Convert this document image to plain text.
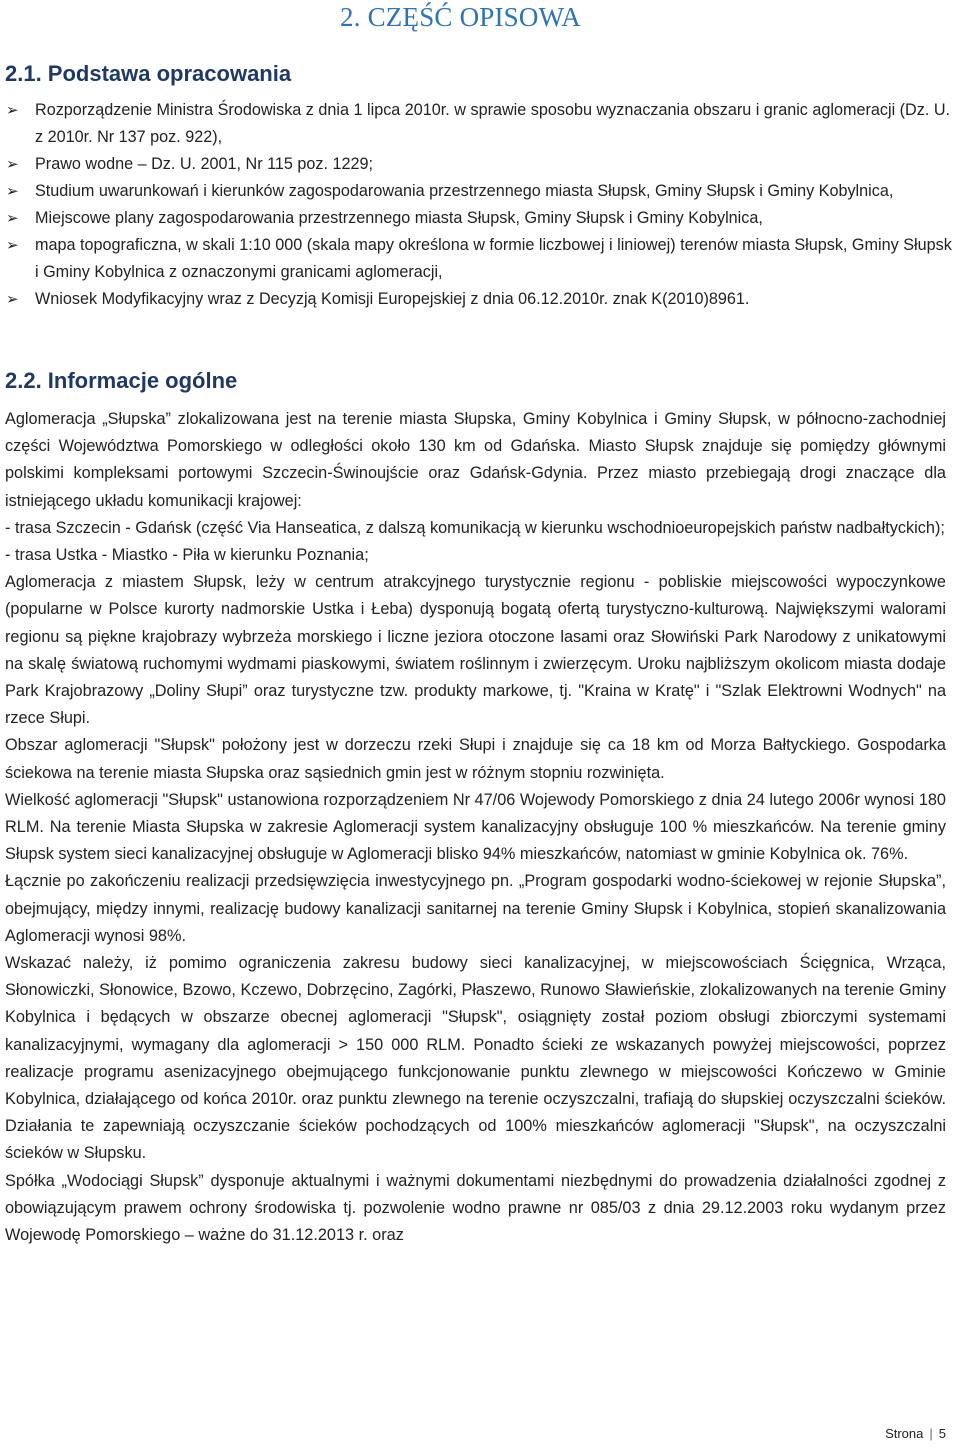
2. CZĘŚĆ OPISOWA
2.1. Podstawa opracowania
➢ Rozporządzenie Ministra Środowiska z dnia 1 lipca 2010r. w sprawie sposobu wyznaczania obszaru i granic aglomeracji (Dz. U. z 2010r. Nr 137 poz. 922),
➢ Prawo wodne – Dz. U. 2001, Nr 115 poz. 1229;
➢ Studium uwarunkowań i kierunków zagospodarowania przestrzennego miasta Słupsk, Gminy Słupsk i Gminy Kobylnica,
➢ Miejscowe plany zagospodarowania przestrzennego miasta Słupsk, Gminy Słupsk i Gminy Kobylnica,
➢ mapa topograficzna, w skali 1:10 000 (skala mapy określona w formie liczbowej i liniowej) terenów miasta Słupsk, Gminy Słupsk i Gminy Kobylnica z oznaczonymi granicami aglomeracji,
➢ Wniosek Modyfikacyjny wraz z Decyzją Komisji Europejskiej z dnia 06.12.2010r. znak K(2010)8961.
2.2. Informacje ogólne

Aglomeracja „Słupska” zlokalizowana jest na terenie miasta Słupska, Gminy Kobylnica i Gminy Słupsk, w północno-zachodniej części Województwa Pomorskiego w odległości około 130 km od Gdańska. Miasto Słupsk znajduje się pomiędzy głównymi polskimi kompleksami portowymi Szczecin-Świnoujście oraz Gdańsk-Gdynia. Przez miasto przebiegają drogi znaczące dla istniejącego układu komunikacji krajowej:

- trasa Szczecin - Gdańsk (część Via Hanseatica, z dalszą komunikacją w kierunku wschodnioeuropejskich państw nadbałtyckich);

- trasa Ustka - Miastko - Piła w kierunku Poznania;

Aglomeracja z miastem Słupsk, leży w centrum atrakcyjnego turystycznie regionu - pobliskie miejscowości wypoczynkowe (popularne w Polsce kurorty nadmorskie Ustka i Łeba) dysponują bogatą ofertą turystyczno-kulturową. Największymi walorami regionu są piękne krajobrazy wybrzeża morskiego i liczne jeziora otoczone lasami oraz Słowiński Park Narodowy z unikatowymi na skalę światową ruchomymi wydmami piaskowymi, światem roślinnym i zwierzęcym. Uroku najbliższym okolicom miasta dodaje Park Krajobrazowy „Doliny Słupi” oraz turystyczne tzw. produkty markowe, tj. "Kraina w Kratę" i "Szlak Elektrowni Wodnych" na rzece Słupi.

Obszar aglomeracji "Słupsk" położony jest w dorzeczu rzeki Słupi i znajduje się ca 18 km od Morza Bałtyckiego. Gospodarka ściekowa na terenie miasta Słupska oraz sąsiednich gmin jest w różnym stopniu rozwinięta.

Wielkość aglomeracji "Słupsk" ustanowiona rozporządzeniem Nr 47/06 Wojewody Pomorskiego z dnia 24 lutego 2006r wynosi 180 RLM. Na terenie Miasta Słupska w zakresie Aglomeracji system kanalizacyjny obsługuje 100 % mieszkańców. Na terenie gminy Słupsk system sieci kanalizacyjnej obsługuje w Aglomeracji blisko 94% mieszkańców, natomiast w gminie Kobylnica ok. 76%.

Łącznie po zakończeniu realizacji przedsięwzięcia inwestycyjnego pn. „Program gospodarki wodno-ściekowej w rejonie Słupska”, obejmujący, między innymi, realizację budowy kanalizacji sanitarnej na terenie Gminy Słupsk i Kobylnica, stopień skanalizowania Aglomeracji wynosi 98%.

Wskazać należy, iż pomimo ograniczenia zakresu budowy sieci kanalizacyjnej, w miejscowościach Ścięgnica, Wrząca, Słonowiczki, Słonowice, Bzowo, Kczewo, Dobrzęcino, Zagórki, Płaszewo, Runowo Sławieńskie, zlokalizowanych na terenie Gminy Kobylnica i będących w obszarze obecnej aglomeracji "Słupsk", osiągnięty został poziom obsługi zbiorczymi systemami kanalizacyjnymi, wymagany dla aglomeracji > 150 000 RLM. Ponadto ścieki ze wskazanych powyżej miejscowości, poprzez realizacje programu asenizacyjnego obejmującego funkcjonowanie punktu zlewnego w miejscowości Kończewo w Gminie Kobylnica, działającego od końca 2010r. oraz punktu zlewnego na terenie oczyszczalni, trafiają do słupskiej oczyszczalni ścieków. Działania te zapewniają oczyszczanie ścieków pochodzących od 100% mieszkańców aglomeracji "Słupsk", na oczyszczalni ścieków w Słupsku.

Spółka „Wodociągi Słupsk” dysponuje aktualnymi i ważnymi dokumentami niezbędnymi do prowadzenia działalności zgodnej z obowiązującym prawem ochrony środowiska tj. pozwolenie wodno prawne nr 085/03 z dnia 29.12.2003 roku wydanym przez Wojewodę Pomorskiego – ważne do 31.12.2013 r. oraz

Strona | 5
